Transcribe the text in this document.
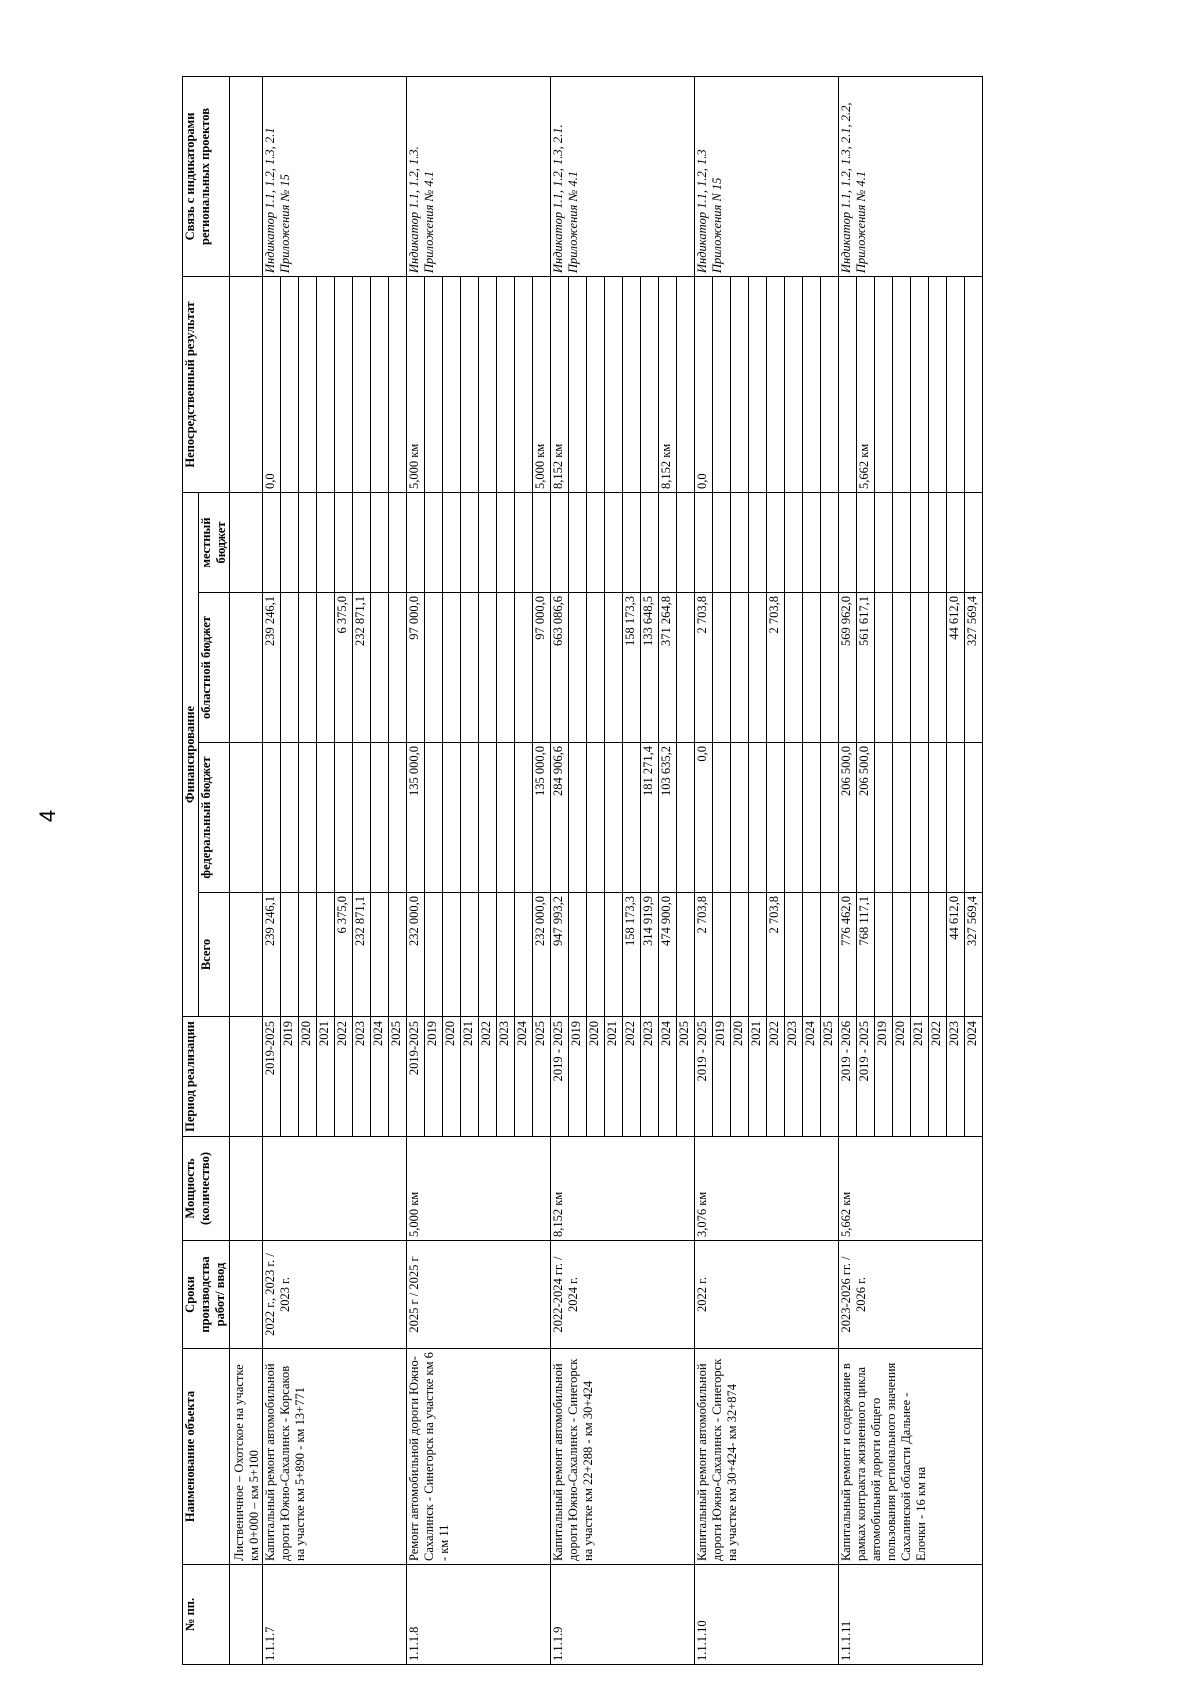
4
№ пп.	Наименование объекта	Сроки производства работ/ ввод	Мощность (количество)	Период реализации	Финансирование				Непосредственный результат	Связь с индикаторами региональных проектов
					Всего	федеральный бюджет	областной бюджет	местный бюджет		
	Лиственичное – Охотское на участке км 0+000 – км 5+100									
1.1.1.7	Капитальный ремонт автомобильной дороги Южно-Сахалинск - Корсаков на участке км 5+890 - км 13+771	2022 г., 2023 г. / 2023 г.		2019-2025	239 246,1		239 246,1		0,0	Индикатор 1.1, 1.2, 1.3, 2.1 Приложения № 15
				2019						
				2020						
				2021						
				2022	6 375,0		6 375,0			
				2023	232 871,1		232 871,1			
				2024						
				2025						
1.1.1.8	Ремонт автомобильной дороги Южно-Сахалинск - Синегорск на участке км 6 - км 11	2025 г / 2025 г	5,000 км	2019-2025	232 000,0	135 000,0	97 000,0		5,000 км	Индикатор 1.1, 1.2, 1.3. Приложения № 4.1
				2019						
				2020						
				2021						
				2022						
				2023						
				2024						
				2025	232 000,0	135 000,0	97 000,0		5,000 км	
1.1.1.9	Капитальный ремонт автомобильной дороги Южно-Сахалинск - Синегорск на участке км 22+288 - км 30+424	2022-2024 гг. / 2024 г.	8,152 км	2019 - 2025	947 993,2	284 906,6	663 086,6		8,152 км	Индикатор 1.1, 1.2, 1.3, 2.1. Приложения № 4.1
				2019						
				2020						
				2021						
				2022	158 173,3		158 173,3			
				2023	314 919,9	181 271,4	133 648,5			
				2024	474 900,0	103 635,2	371 264,8		8,152 км	
				2025						
1.1.1.10	Капитальный ремонт автомобильной дороги Южно-Сахалинск - Синегорск на участке км 30+424- км 32+874	2022 г.	3,076 км	2019 - 2025	2 703,8	0,0	2 703,8		0,0	Индикатор 1.1, 1.2, 1.3 Приложения N 15
				2019						
				2020						
				2021						
				2022	2 703,8		2 703,8			
				2023						
				2024						
				2025						
1.1.1.11	Капитальный ремонт и содержание в рамках контракта жизненного цикла автомобильной дороги общего пользования регионального значения Сахалинской области Дальнее - Елочки - 16 км на	2023-2026 гг. / 2026 г.	5,662 км	2019 - 2026	776 462,0	206 500,0	569 962,0			Индикатор 1.1, 1.2, 1.3, 2.1, 2.2, Приложения № 4.1
				2019 - 2025	768 117,1	206 500,0	561 617,1		5,662 км	
				2019						
				2020						
				2021						
				2022						
				2023	44 612,0		44 612,0			
				2024	327 569,4		327 569,4			
